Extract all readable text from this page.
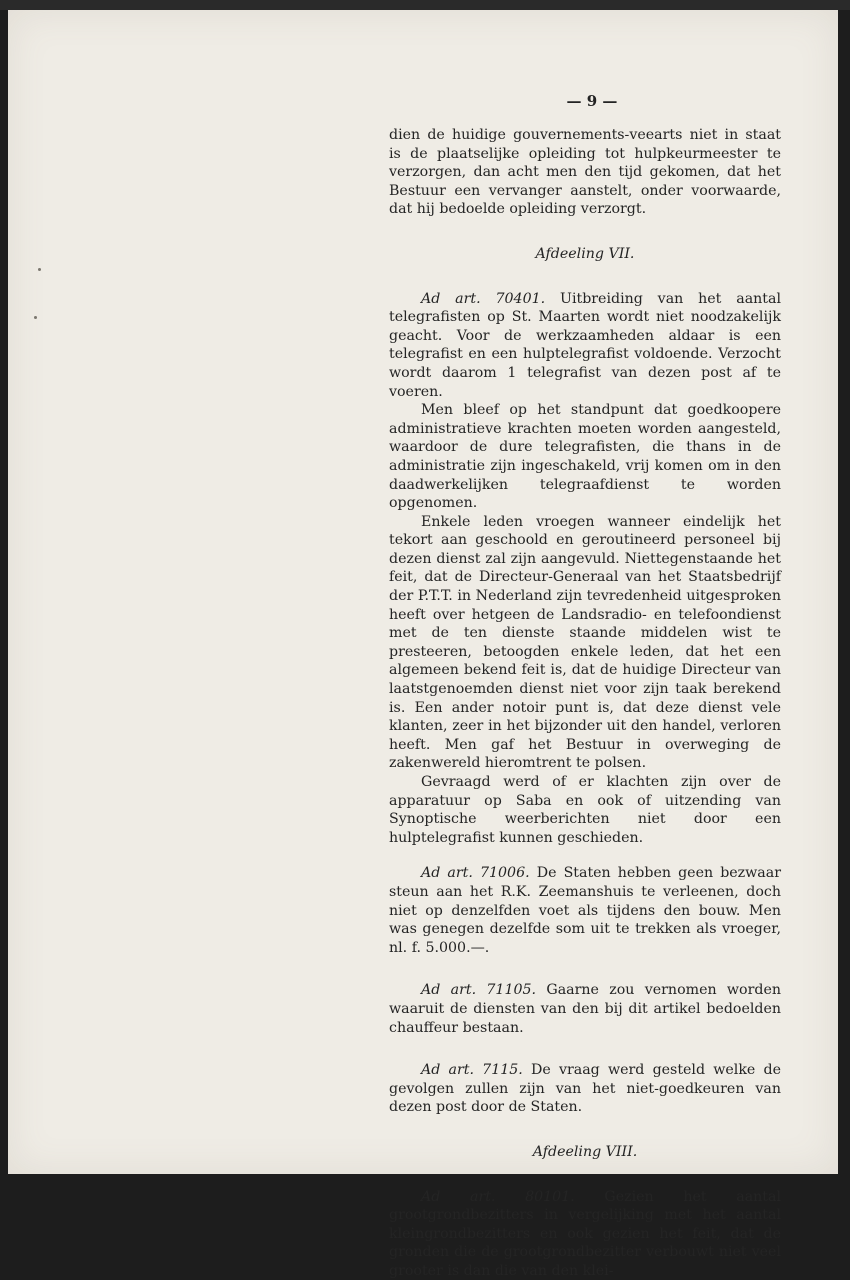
— 9 —

dien de huidige gouvernements-veearts niet in staat is de plaatselijke opleiding tot hulpkeurmeester te verzorgen, dan acht men den tijd gekomen, dat het Bestuur een vervanger aanstelt, onder voorwaarde, dat hij bedoelde opleiding verzorgt.

Afdeeling VII.

Ad art. 70401. Uitbreiding van het aantal telegrafisten op St. Maarten wordt niet noodzakelijk geacht. Voor de werkzaamheden aldaar is een telegrafist en een hulptelegrafist voldoende. Verzocht wordt daarom 1 telegrafist van dezen post af te voeren.

Men bleef op het standpunt dat goedkoopere administratieve krachten moeten worden aangesteld, waardoor de dure telegrafisten, die thans in de administratie zijn ingeschakeld, vrij komen om in den daadwerkelijken telegraafdienst te worden opgenomen.

Enkele leden vroegen wanneer eindelijk het tekort aan geschoold en geroutineerd personeel bij dezen dienst zal zijn aangevuld. Niettegenstaande het feit, dat de Directeur-Generaal van het Staatsbedrijf der P.T.T. in Nederland zijn tevredenheid uitgesproken heeft over hetgeen de Landsradio- en telefoondienst met de ten dienste staande middelen wist te presteeren, betoogden enkele leden, dat het een algemeen bekend feit is, dat de huidige Directeur van laatstgenoemden dienst niet voor zijn taak berekend is. Een ander notoir punt is, dat deze dienst vele klanten, zeer in het bijzonder uit den handel, verloren heeft. Men gaf het Bestuur in overweging de zakenwereld hieromtrent te polsen.

Gevraagd werd of er klachten zijn over de apparatuur op Saba en ook of uitzending van Synoptische weerberichten niet door een hulptelegrafist kunnen geschieden.

Ad art. 71006. De Staten hebben geen bezwaar steun aan het R.K. Zeemanshuis te verleenen, doch niet op denzelfden voet als tijdens den bouw. Men was genegen dezelfde som uit te trekken als vroeger, nl. f. 5.000.—.

Ad art. 71105. Gaarne zou vernomen worden waaruit de diensten van den bij dit artikel bedoelden chauffeur bestaan.

Ad art. 7115. De vraag werd gesteld welke de gevolgen zullen zijn van het niet-goedkeuren van dezen post door de Staten.

Afdeeling VIII.

Ad art. 80101. Gezien het aantal grootgrondbezitters in vergelijking met het aantal kleingrondbezitters en ook gezien het feit, dat de gronden die de grootgrondbezitter verbouwt niet veel grooter is dan die van den klei-
